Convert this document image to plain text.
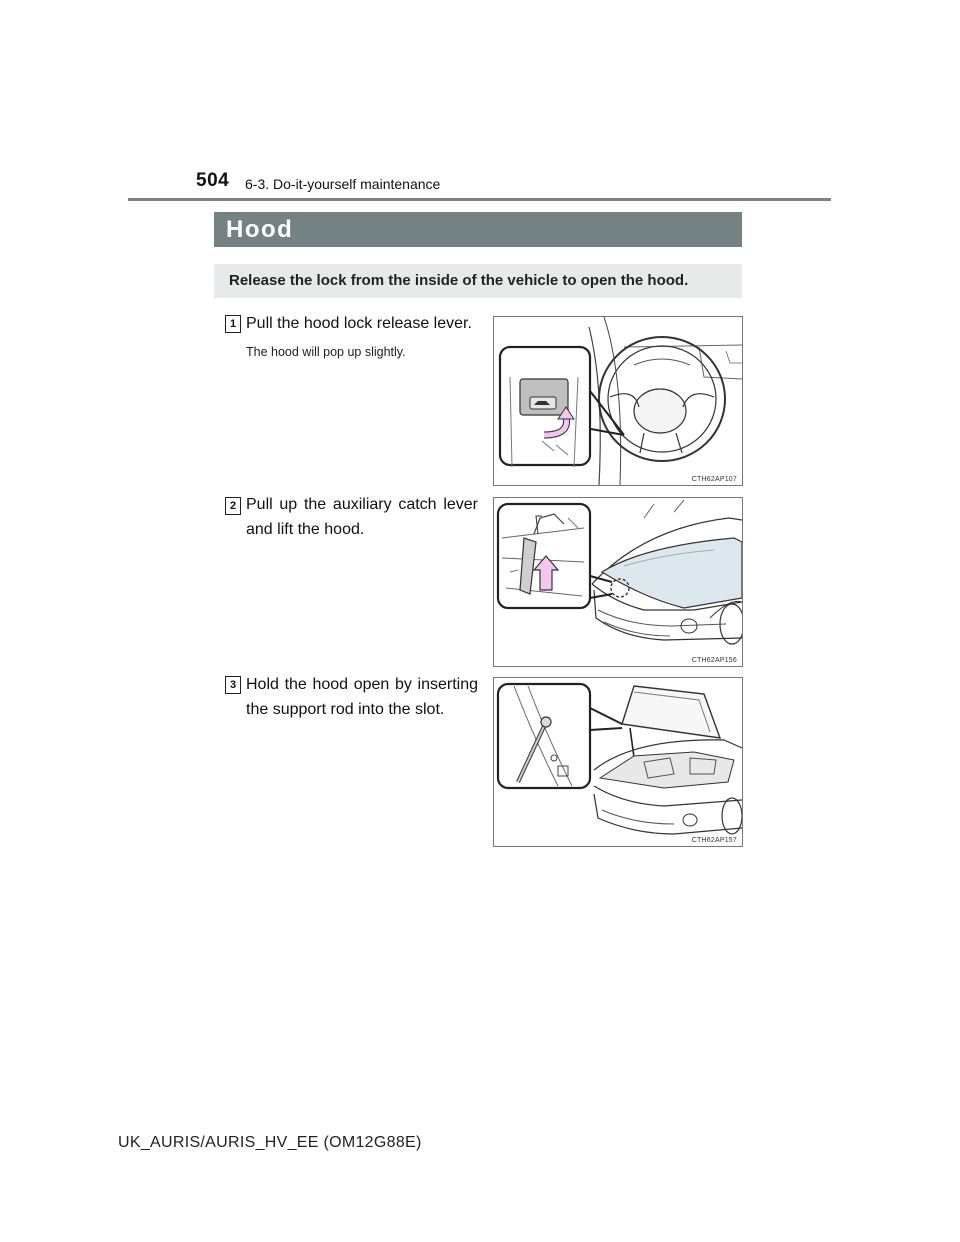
504 6-3. Do-it-yourself maintenance
Hood
Release the lock from the inside of the vehicle to open the hood.
1 Pull the hood lock release lever.
The hood will pop up slightly.
CTH62AP107
2 Pull up the auxiliary catch lever and lift the hood.
CTH62AP156
3 Hold the hood open by inserting the support rod into the slot.
CTH62AP157
UK_AURIS/AURIS_HV_EE (OM12G88E)
